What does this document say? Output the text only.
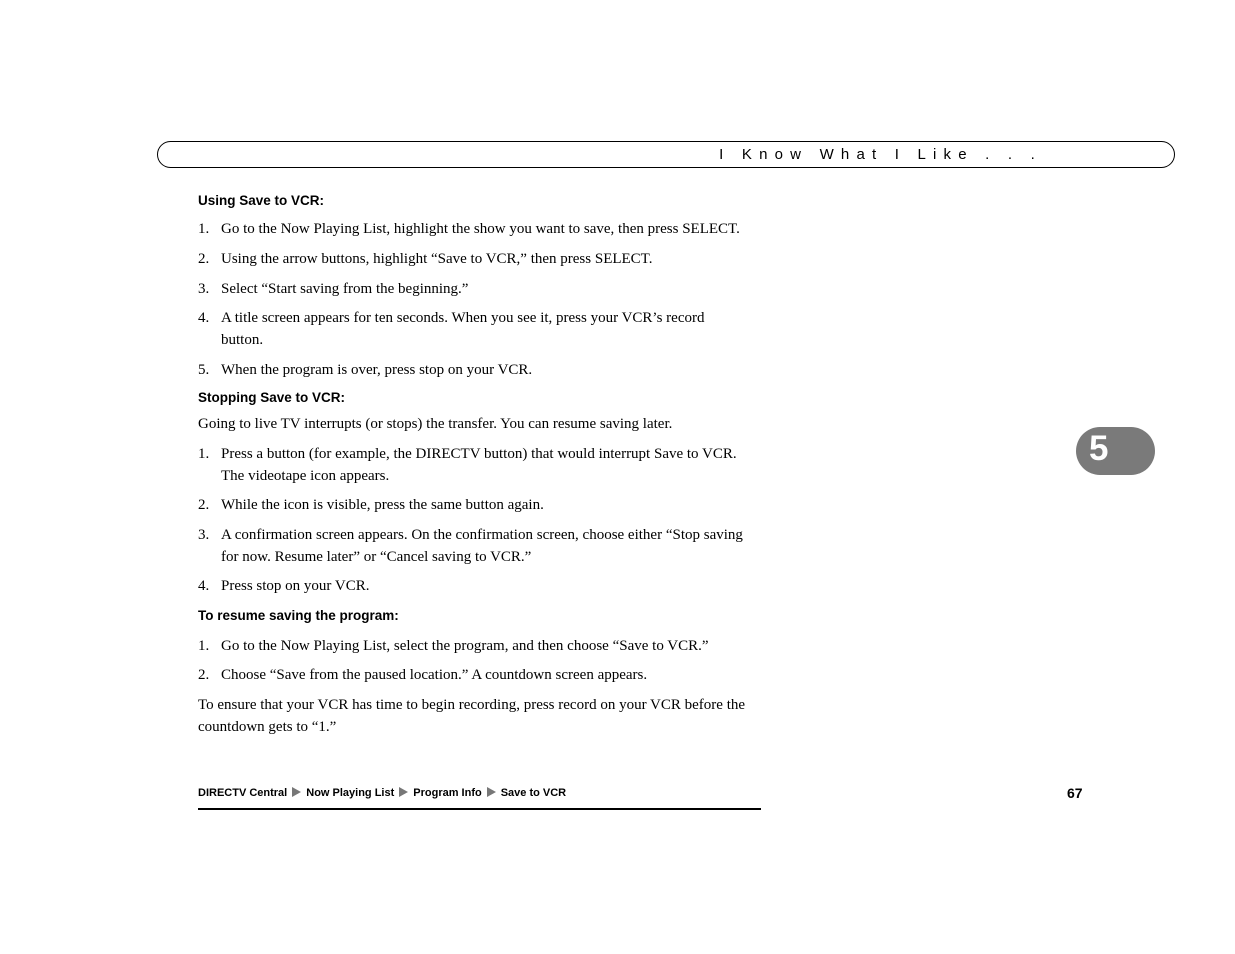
I Know What I Like . . .
5
Using Save to VCR:
1. Go to the Now Playing List, highlight the show you want to save, then press SELECT.
2. Using the arrow buttons, highlight “Save to VCR,” then press SELECT.
3. Select “Start saving from the beginning.”
4. A title screen appears for ten seconds. When you see it, press your VCR’s record button.
5. When the program is over, press stop on your VCR.
Stopping Save to VCR:
Going to live TV interrupts (or stops) the transfer. You can resume saving later.
1. Press a button (for example, the DIRECTV button) that would interrupt Save to VCR. The videotape icon appears.
2. While the icon is visible, press the same button again.
3. A confirmation screen appears. On the confirmation screen, choose either “Stop saving for now. Resume later” or “Cancel saving to VCR.”
4. Press stop on your VCR.
To resume saving the program:
1. Go to the Now Playing List, select the program, and then choose “Save to VCR.”
2. Choose “Save from the paused location.” A countdown screen appears.
To ensure that your VCR has time to begin recording, press record on your VCR before the countdown gets to “1.”
DIRECTV Central Now Playing List Program Info Save to VCR	67
